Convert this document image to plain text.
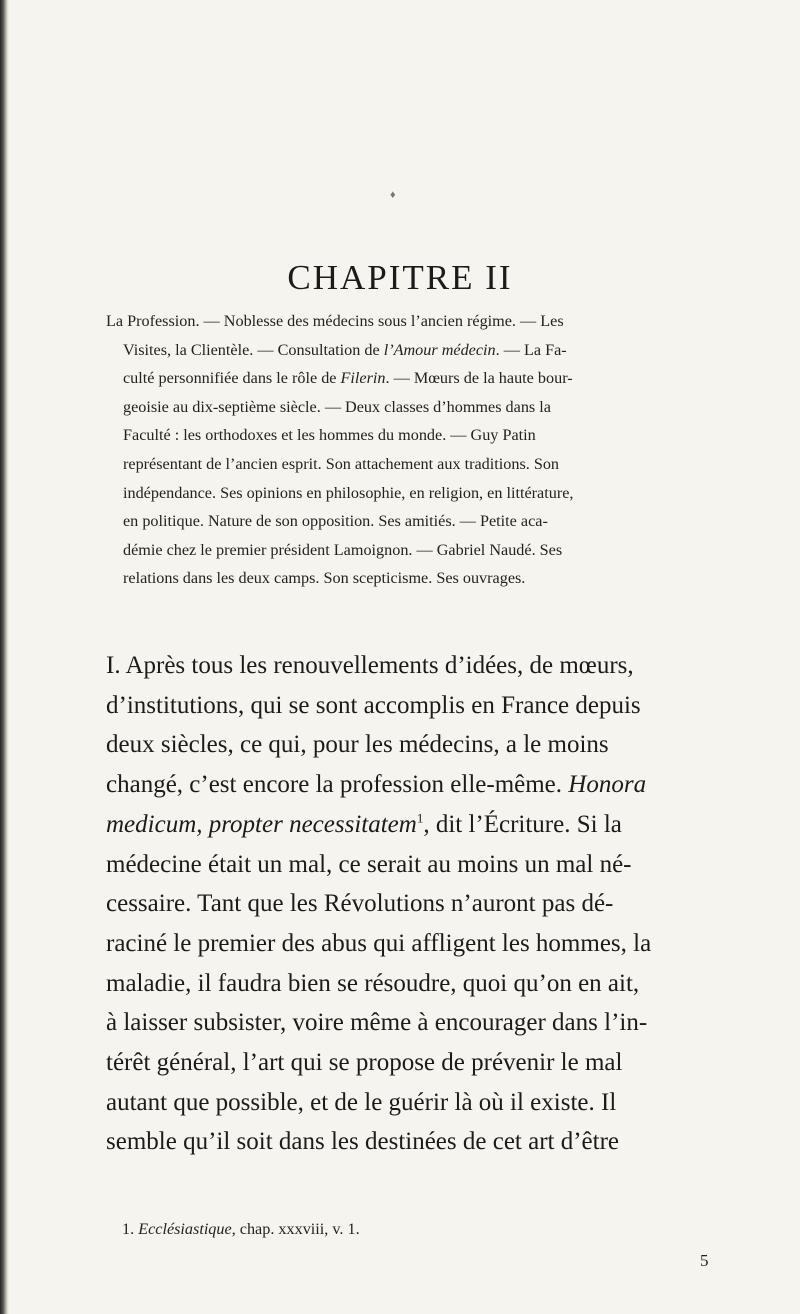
♦
CHAPITRE II

La Profession. — Noblesse des médecins sous l’ancien régime. — Les
Visites, la Clientèle. — Consultation de l’Amour médecin. — La Fa-
culté personnifiée dans le rôle de Filerin. — Mœurs de la haute bour-
geoisie au dix-septième siècle. — Deux classes d’hommes dans la
Faculté : les orthodoxes et les hommes du monde. — Guy Patin
représentant de l’ancien esprit. Son attachement aux traditions. Son
indépendance. Ses opinions en philosophie, en religion, en littérature,
en politique. Nature de son opposition. Ses amitiés. — Petite aca-
démie chez le premier président Lamoignon. — Gabriel Naudé. Ses
relations dans les deux camps. Son scepticisme. Ses ouvrages.

I. Après tous les renouvellements d’idées, de mœurs,
d’institutions, qui se sont accomplis en France depuis
deux siècles, ce qui, pour les médecins, a le moins
changé, c’est encore la profession elle-même. Honora
medicum, propter necessitatem$^1$, dit l’Écriture. Si la
médecine était un mal, ce serait au moins un mal né-
cessaire. Tant que les Révolutions n’auront pas dé-
raciné le premier des abus qui affligent les hommes, la
maladie, il faudra bien se résoudre, quoi qu’on en ait,
à laisser subsister, voire même à encourager dans l’in-
térêt général, l’art qui se propose de prévenir le mal
autant que possible, et de le guérir là où il existe. Il
semble qu’il soit dans les destinées de cet art d’être

1. Ecclésiastique, chap. xxxviii, v. 1.

5
